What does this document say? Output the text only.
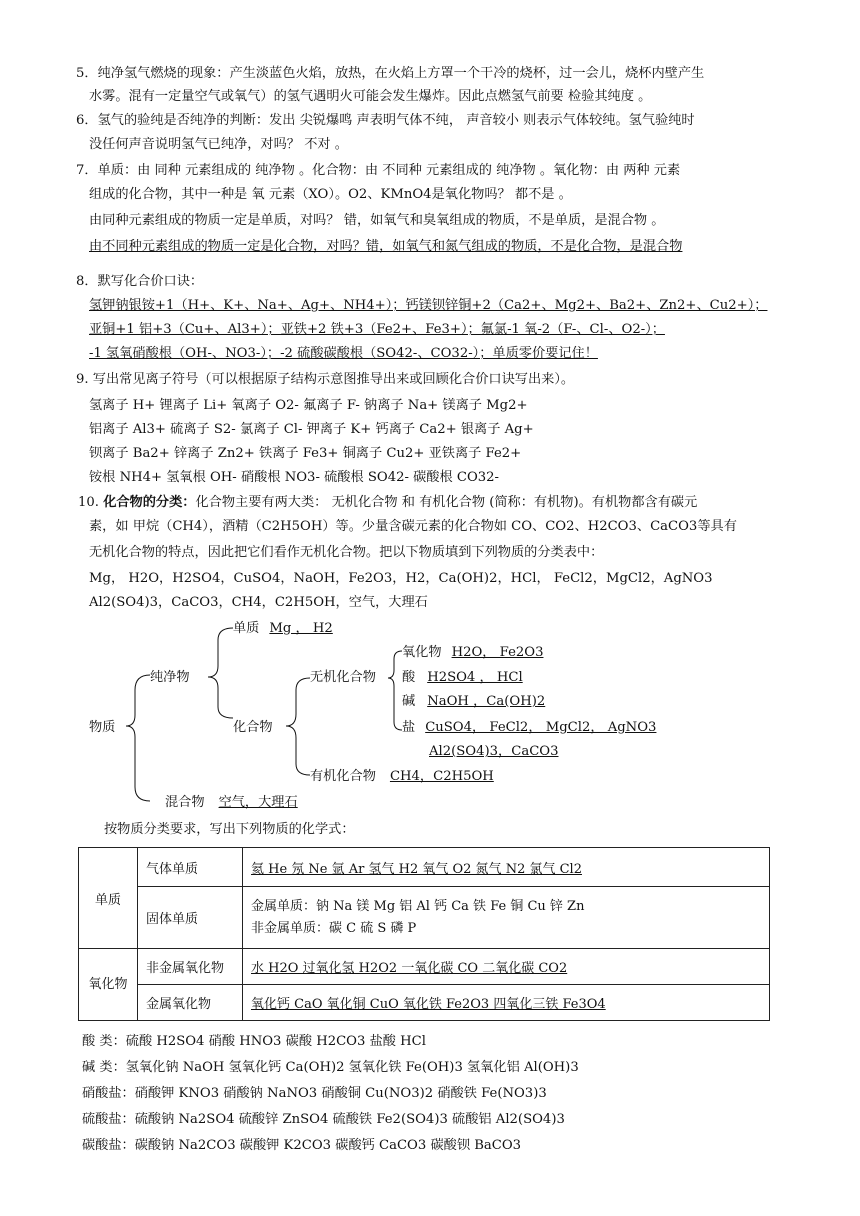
5．纯净氢气燃烧的现象：产生淡蓝色火焰，放热，在火焰上方罩一个干冷的烧杯，过一会儿，烧杯内壁产生
水雾。混有一定量空气或氧气）的氢气遇明火可能会发生爆炸。因此点燃氢气前要 检验其纯度 。
6．氢气的验纯是否纯净的判断：发出 尖锐爆鸣 声表明气体不纯， 声音较小 则表示气体较纯。氢气验纯时
没任何声音说明氢气已纯净，对吗？ 不对 。
7．单质：由 同种 元素组成的 纯净物 。化合物：由 不同种 元素组成的 纯净物 。氧化物：由 两种 元素
组成的化合物，其中一种是 氧 元素（XO）。O2、KMnO4是氧化物吗？ 都不是 。
由同种元素组成的物质一定是单质，对吗？ 错，如氧气和臭氧组成的物质，不是单质，是混合物 。
由不同种元素组成的物质一定是化合物，对吗？错，如氧气和氮气组成的物质，不是化合物，是混合物
8．默写化合价口诀：
氢钾钠银铵+1（H+、K+、Na+、Ag+、NH4+）；钙镁钡锌铜+2（Ca2+、Mg2+、Ba2+、Zn2+、Cu2+）；
亚铜+1 铝+3（Cu+、Al3+）；亚铁+2 铁+3（Fe2+、Fe3+）；氟氯-1 氧-2（F-、Cl-、O2-）；
-1 氢氧硝酸根（OH-、NO3-）；-2 硫酸碳酸根（SO42-、CO32-）；单质零价要记住！
9. 写出常见离子符号（可以根据原子结构示意图推导出来或回顾化合价口诀写出来）。
氢离子 H+ 锂离子 Li+ 氧离子 O2- 氟离子 F- 钠离子 Na+ 镁离子 Mg2+
铝离子 Al3+ 硫离子 S2- 氯离子 Cl- 钾离子 K+ 钙离子 Ca2+ 银离子 Ag+
钡离子 Ba2+ 锌离子 Zn2+ 铁离子 Fe3+ 铜离子 Cu2+ 亚铁离子 Fe2+
铵根 NH4+ 氢氧根 OH- 硝酸根 NO3- 硫酸根 SO42- 碳酸根 CO32-
10. 化合物的分类：化合物主要有两大类： 无机化合物 和 有机化合物 (简称：有机物)。有机物都含有碳元
素，如 甲烷（CH4），酒精（C2H5OH）等。少量含碳元素的化合物如 CO、CO2、H2CO3、CaCO3等具有
无机化合物的特点，因此把它们看作无机化合物。把以下物质填到下列物质的分类表中：
Mg， H2O，H2SO4，CuSO4，NaOH，Fe2O3，H2，Ca(OH)2，HCl， FeCl2，MgCl2，AgNO3
Al2(SO4)3，CaCO3，CH4，C2H5OH，空气，大理石
物质
纯净物
混合物 空气，大理石
单质 Mg ， H2
化合物
无机化合物
有机化合物 CH4，C2H5OH
氧化物 H2O， Fe2O3
酸 H2SO4 ， HCl
碱 NaOH ，Ca(OH)2
盐 CuSO4， FeCl2， MgCl2， AgNO3
Al2(SO4)3，CaCO3
按物质分类要求，写出下列物质的化学式：
单质	气体单质	氦 He 氖 Ne 氩 Ar 氢气 H2 氧气 O2 氮气 N2 氯气 Cl2
	固体单质	金属单质：钠 Na 镁 Mg 铝 Al 钙 Ca 铁 Fe 铜 Cu 锌 Zn
非金属单质：碳 C 硫 S 磷 P

氧化物	非金属氧化物	水 H2O 过氧化氢 H2O2 一氧化碳 CO 二氧化碳 CO2
	金属氧化物	氧化钙 CaO 氧化铜 CuO 氧化铁 Fe2O3 四氧化三铁 Fe3O4
酸 类：硫酸 H2SO4 硝酸 HNO3 碳酸 H2CO3 盐酸 HCl
碱 类：氢氧化钠 NaOH 氢氧化钙 Ca(OH)2 氢氧化铁 Fe(OH)3 氢氧化铝 Al(OH)3
硝酸盐：硝酸钾 KNO3 硝酸钠 NaNO3 硝酸铜 Cu(NO3)2 硝酸铁 Fe(NO3)3
硫酸盐：硫酸钠 Na2SO4 硫酸锌 ZnSO4 硫酸铁 Fe2(SO4)3 硫酸铝 Al2(SO4)3
碳酸盐：碳酸钠 Na2CO3 碳酸钾 K2CO3 碳酸钙 CaCO3 碳酸钡 BaCO3
